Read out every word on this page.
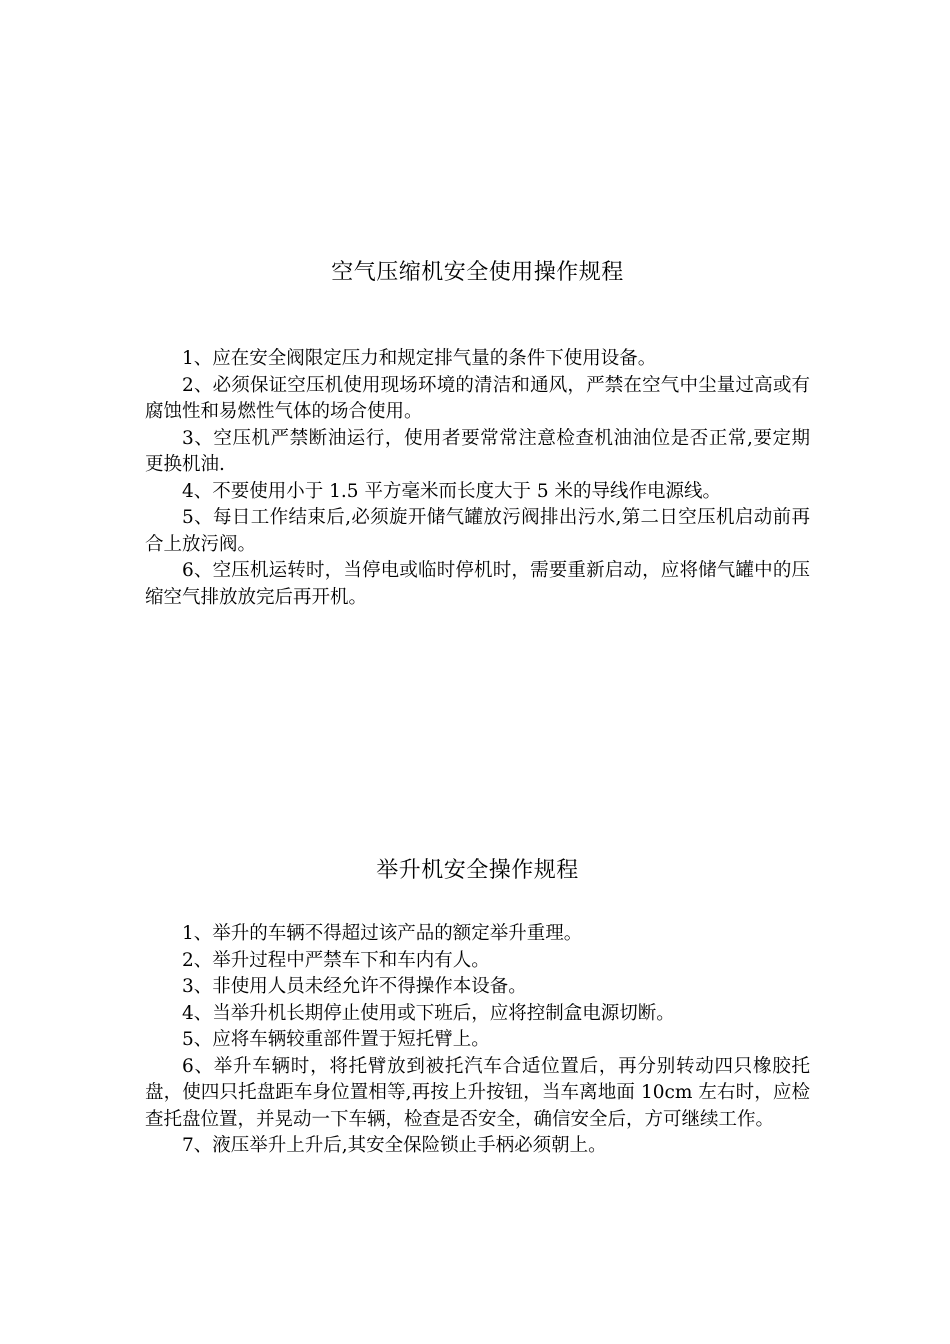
空气压缩机安全使用操作规程

1、应在安全阀限定压力和规定排气量的条件下使用设备。

2、必须保证空压机使用现场环境的清洁和通风，严禁在空气中尘量过高或有腐蚀性和易燃性气体的场合使用。

3、空压机严禁断油运行，使用者要常常注意检查机油油位是否正常,要定期更换机油.

4、不要使用小于 1.5 平方毫米而长度大于 5 米的导线作电源线。

5、每日工作结束后,必须旋开储气罐放污阀排出污水,第二日空压机启动前再合上放污阀。

6、空压机运转时，当停电或临时停机时，需要重新启动，应将储气罐中的压缩空气排放放完后再开机。

举升机安全操作规程

1、举升的车辆不得超过该产品的额定举升重理。

2、举升过程中严禁车下和车内有人。

3、非使用人员未经允许不得操作本设备。

4、当举升机长期停止使用或下班后，应将控制盒电源切断。

5、应将车辆较重部件置于短托臂上。

6、举升车辆时，将托臂放到被托汽车合适位置后，再分别转动四只橡胶托盘，使四只托盘距车身位置相等,再按上升按钮，当车离地面 10cm 左右时，应检查托盘位置，并晃动一下车辆，检查是否安全，确信安全后，方可继续工作。

7、液压举升上升后,其安全保险锁止手柄必须朝上。
